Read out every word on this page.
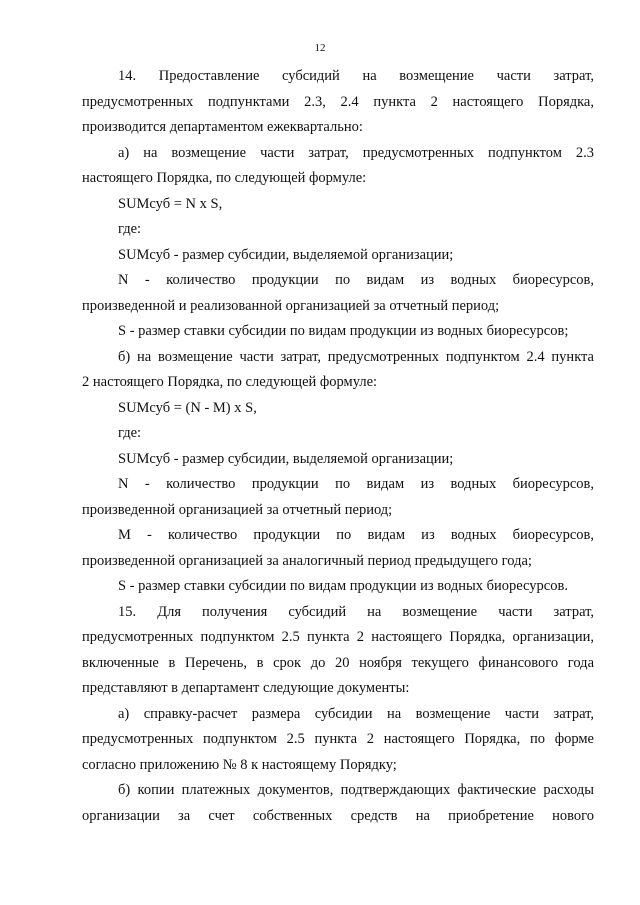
12
14. Предоставление субсидий на возмещение части затрат,
предусмотренных подпунктами 2.3, 2.4 пункта 2 настоящего Порядка,
производится департаментом ежеквартально:
а) на возмещение части затрат, предусмотренных подпунктом 2.3
настоящего Порядка, по следующей формуле:
SUMсуб = N x S,
где:
SUMсуб - размер субсидии, выделяемой организации;
N - количество продукции по видам из водных биоресурсов,
произведенной и реализованной организацией за отчетный период;
S - размер ставки субсидии по видам продукции из водных биоресурсов;
б) на возмещение части затрат, предусмотренных подпунктом 2.4 пункта
2 настоящего Порядка, по следующей формуле:
SUMсуб = (N - M) x S,
где:
SUMсуб - размер субсидии, выделяемой организации;
N - количество продукции по видам из водных биоресурсов,
произведенной организацией за отчетный период;
M - количество продукции по видам из водных биоресурсов,
произведенной организацией за аналогичный период предыдущего года;
S - размер ставки субсидии по видам продукции из водных биоресурсов.
15. Для получения субсидий на возмещение части затрат,
предусмотренных подпунктом 2.5 пункта 2 настоящего Порядка, организации,
включенные в Перечень, в срок до 20 ноября текущего финансового года
представляют в департамент следующие документы:
а) справку-расчет размера субсидии на возмещение части затрат,
предусмотренных подпунктом 2.5 пункта 2 настоящего Порядка, по форме
согласно приложению № 8 к настоящему Порядку;
б) копии платежных документов, подтверждающих фактические расходы
организации за счет собственных средств на приобретение нового
